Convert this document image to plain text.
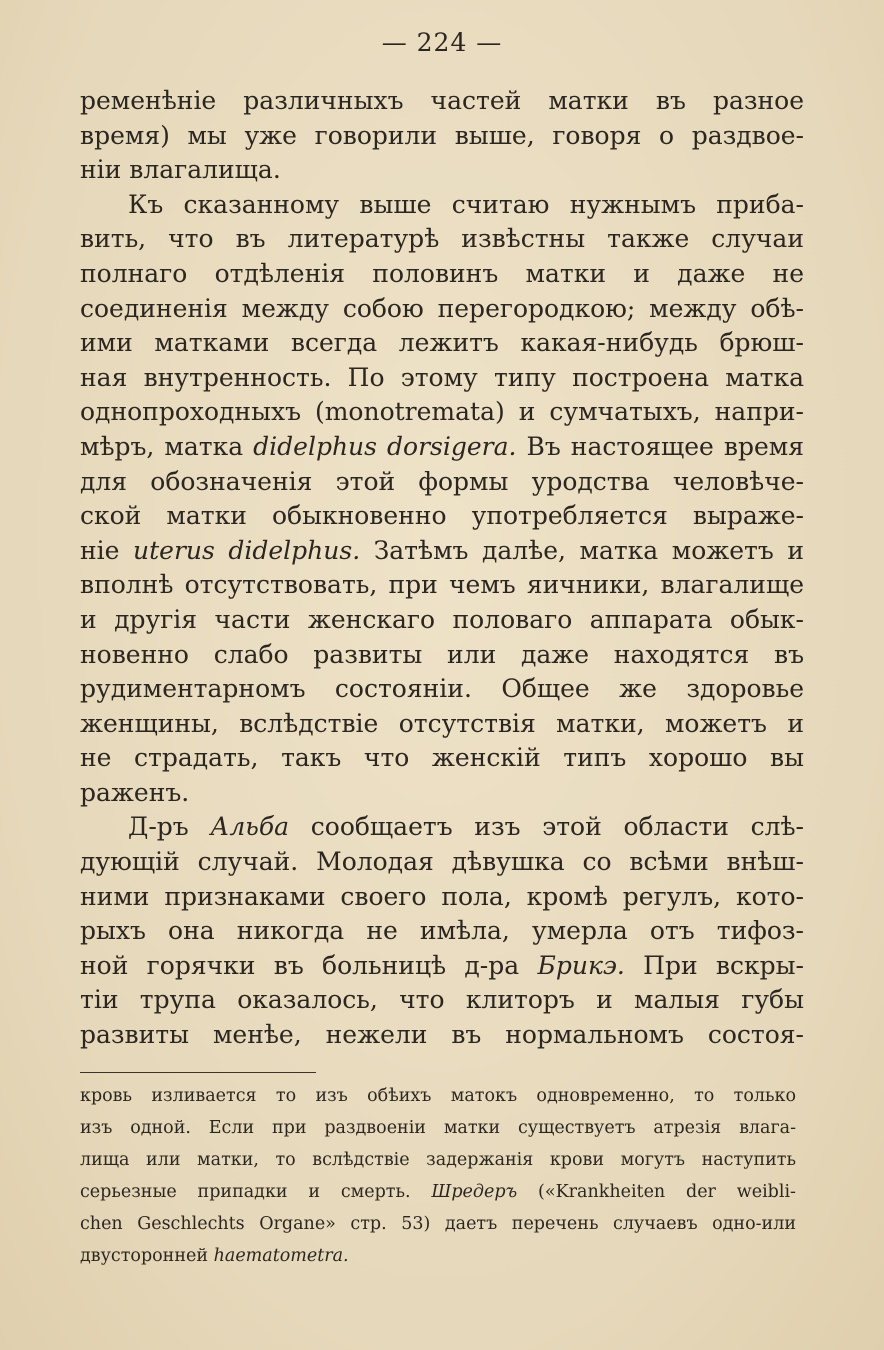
— 224 —
ременѣніе различныхъ частей матки въ разное
время) мы уже говорили выше, говоря о раздвое-
ніи влагалища.
Къ сказанному выше считаю нужнымъ приба-
вить, что въ литературѣ извѣстны также случаи
полнаго отдѣленія половинъ матки и даже не
соединенія между собою перегородкою; между обѣ-
ими матками всегда лежитъ какая-нибудь брюш-
ная внутренность. По этому типу построена матка
однопроходныхъ (monotremata) и сумчатыхъ, напри-
мѣръ, матка didelphus dorsigera. Въ настоящее время
для обозначенія этой формы уродства человѣче-
ской матки обыкновенно употребляется выраже-
ніе uterus didelphus. Затѣмъ далѣе, матка можетъ и
вполнѣ отсутствовать, при чемъ яичники, влагалище
и другія части женскаго половаго аппарата обык-
новенно слабо развиты или даже находятся въ
рудиментарномъ состояніи. Общее же здоровье
женщины, вслѣдствіе отсутствія матки, можетъ и
не страдать, такъ что женскій типъ хорошо вы
раженъ.
Д-ръ Альба сообщаетъ изъ этой области слѣ-
дующій случай. Молодая дѣвушка со всѣми внѣш-
ними признаками своего пола, кромѣ регулъ, кото-
рыхъ она никогда не имѣла, умерла отъ тифоз-
ной горячки въ больницѣ д-ра Брикэ. При вскры-
тіи трупа оказалось, что клиторъ и малыя губы
развиты менѣе, нежели въ нормальномъ состоя-
кровь изливается то изъ обѣихъ матокъ одновременно, то только
изъ одной. Если при раздвоеніи матки существуетъ атрезія влага-
лища или матки, то вслѣдствіе задержанія крови могутъ наступить
серьезные припадки и смерть. Шредеръ («Krankheiten der weibli-
chen Geschlechts Organe» стр. 53) даетъ перечень случаевъ одно-или
двусторонней haematometra.
